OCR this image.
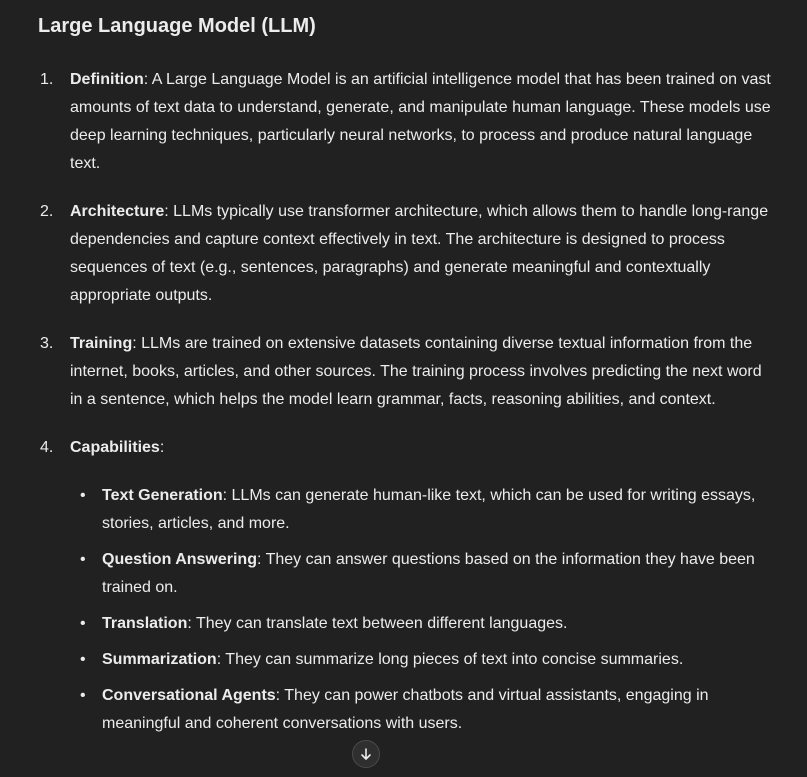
Large Language Model (LLM)
1. Definition: A Large Language Model is an artificial intelligence model that has been trained on vast amounts of text data to understand, generate, and manipulate human language. These models use deep learning techniques, particularly neural networks, to process and produce natural language text.
2. Architecture: LLMs typically use transformer architecture, which allows them to handle long-range dependencies and capture context effectively in text. The architecture is designed to process sequences of text (e.g., sentences, paragraphs) and generate meaningful and contextually appropriate outputs.
3. Training: LLMs are trained on extensive datasets containing diverse textual information from the internet, books, articles, and other sources. The training process involves predicting the next word in a sentence, which helps the model learn grammar, facts, reasoning abilities, and context.
4. Capabilities:
• Text Generation: LLMs can generate human-like text, which can be used for writing essays, stories, articles, and more.
• Question Answering: They can answer questions based on the information they have been trained on.
• Translation: They can translate text between different languages.
• Summarization: They can summarize long pieces of text into concise summaries.
• Conversational Agents: They can power chatbots and virtual assistants, engaging in meaningful and coherent conversations with users.
